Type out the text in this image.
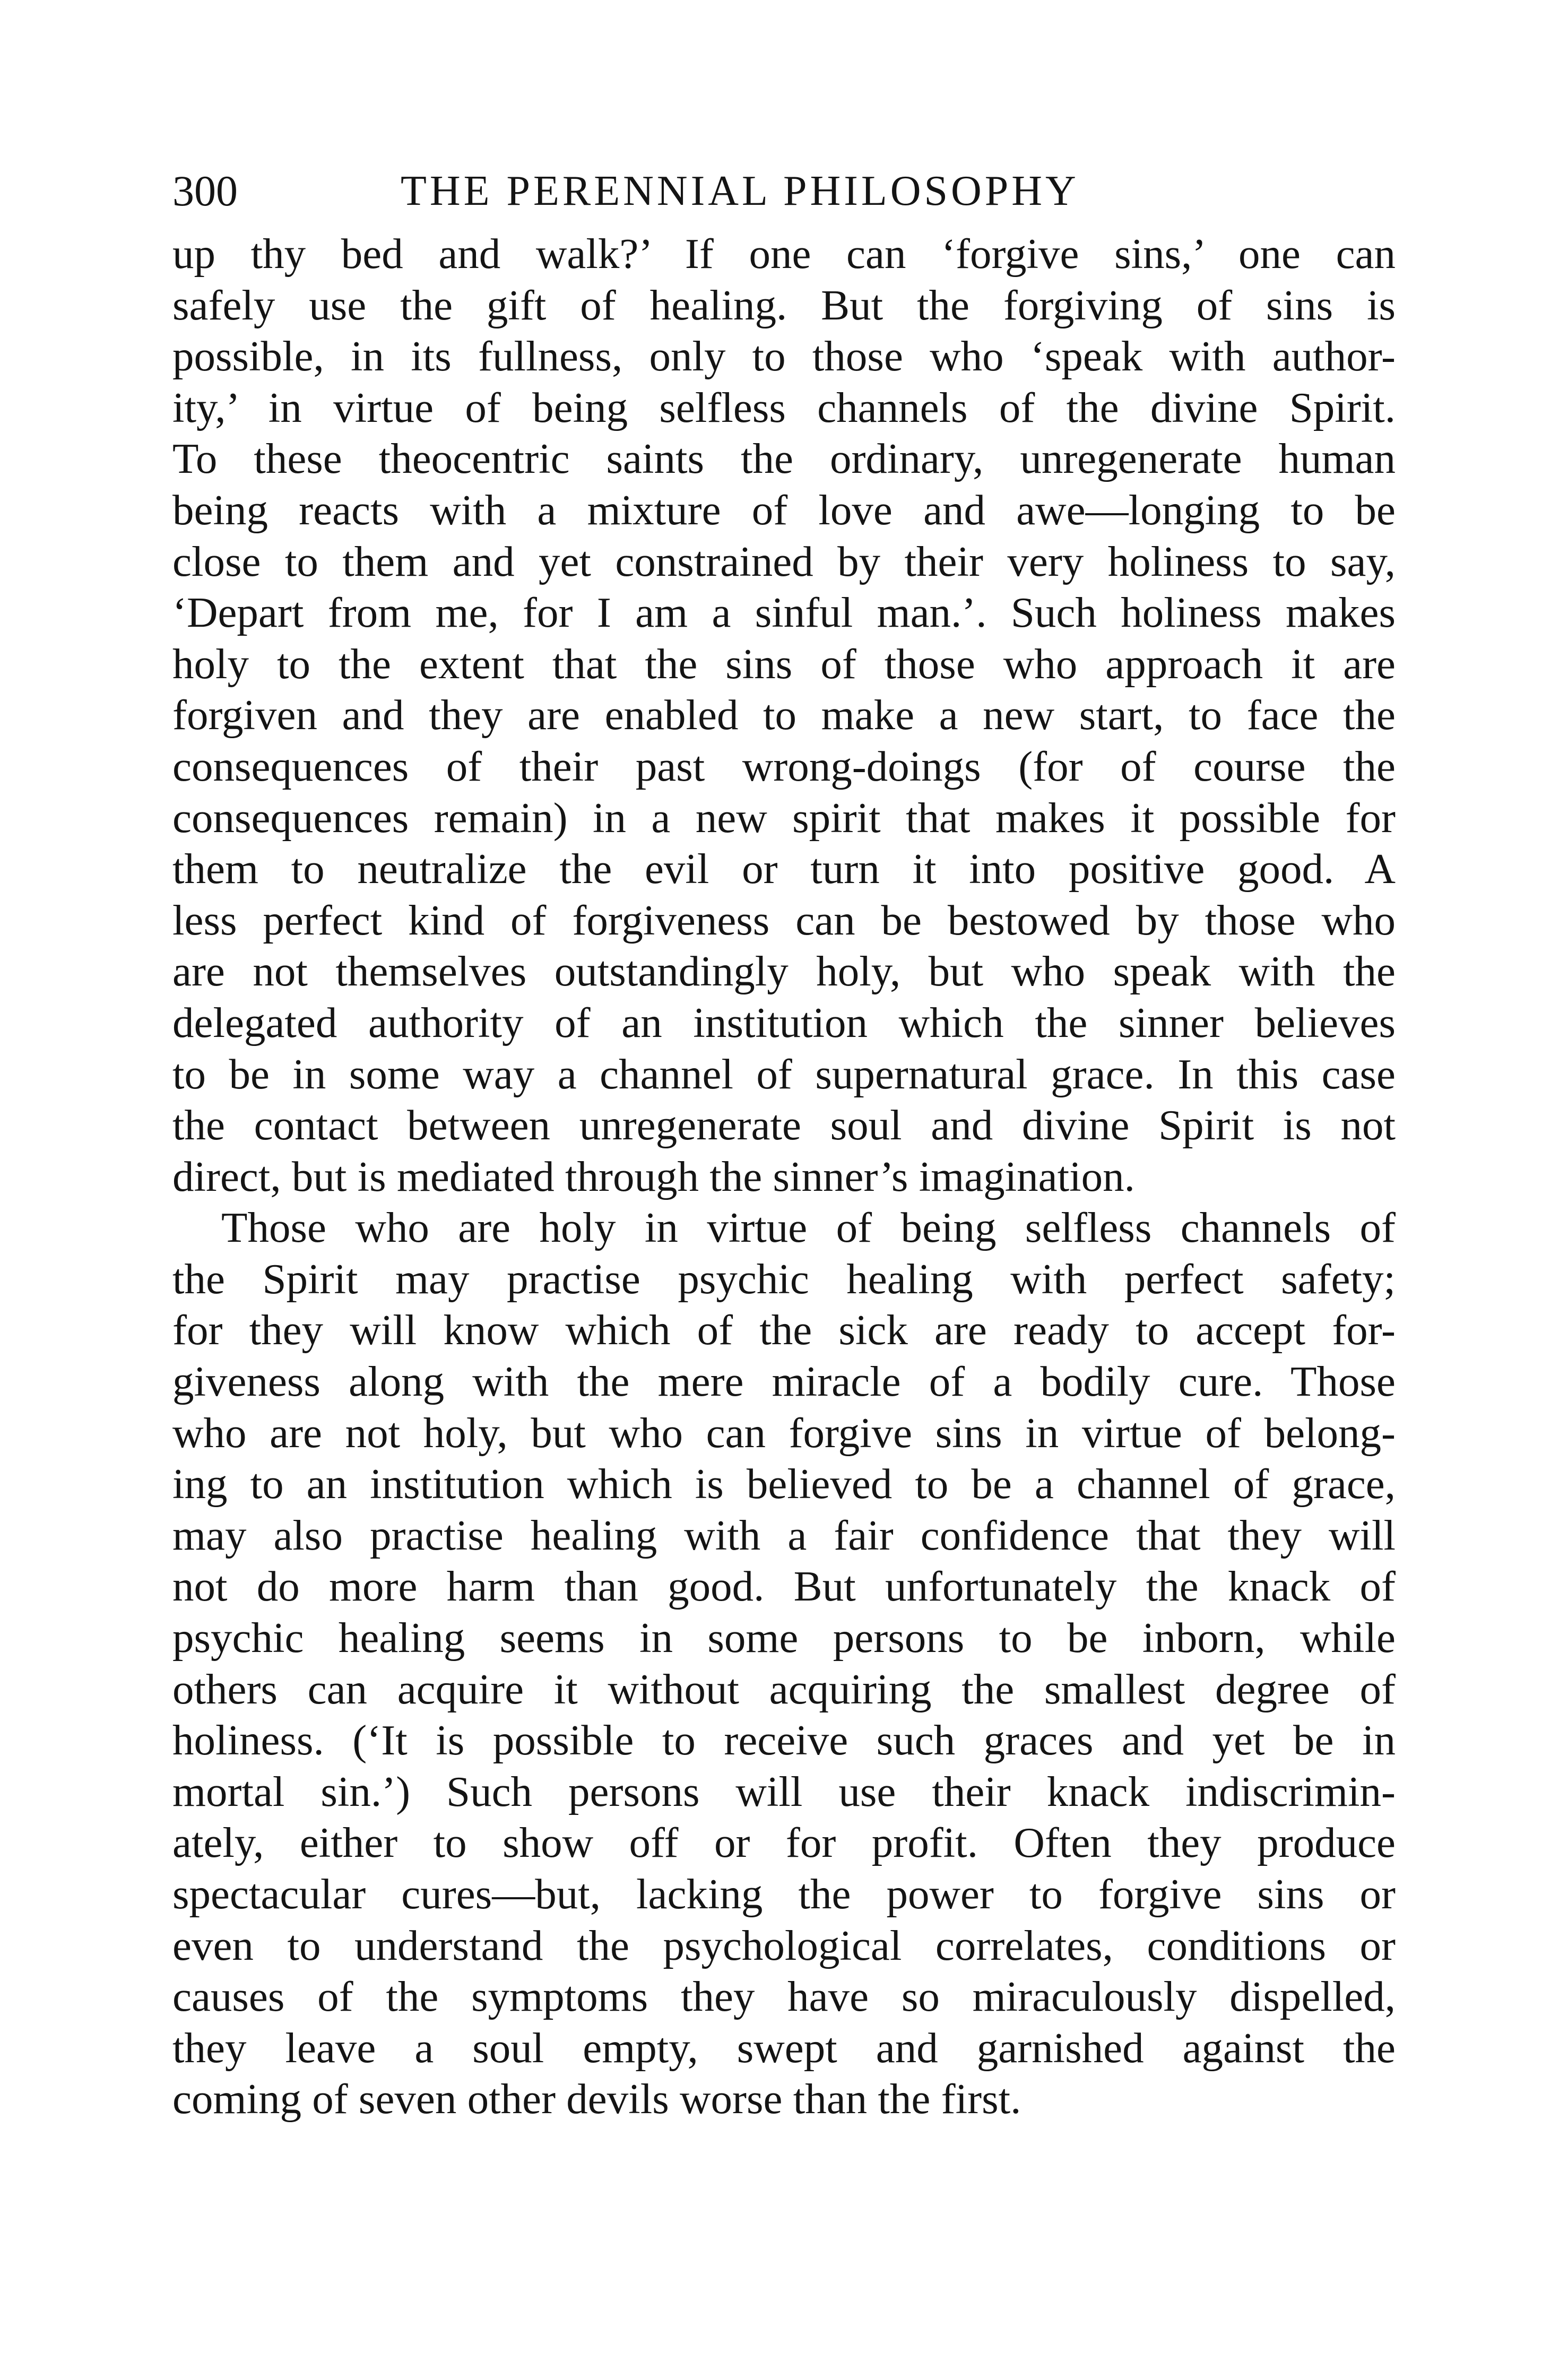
300	THE PERENNIAL PHILOSOPHY

up thy bed and walk?’ If one can ‘forgive sins,’ one can
safely use the gift of healing. But the forgiving of sins is
possible, in its fullness, only to those who ‘speak with author-
ity,’ in virtue of being selfless channels of the divine Spirit.
To these theocentric saints the ordinary, unregenerate human
being reacts with a mixture of love and awe—longing to be
close to them and yet constrained by their very holiness to say,
‘Depart from me, for I am a sinful man.’. Such holiness makes
holy to the extent that the sins of those who approach it are
forgiven and they are enabled to make a new start, to face the
consequences of their past wrong-doings (for of course the
consequences remain) in a new spirit that makes it possible for
them to neutralize the evil or turn it into positive good. A
less perfect kind of forgiveness can be bestowed by those who
are not themselves outstandingly holy, but who speak with the
delegated authority of an institution which the sinner believes
to be in some way a channel of supernatural grace. In this case
the contact between unregenerate soul and divine Spirit is not
direct, but is mediated through the sinner’s imagination.

Those who are holy in virtue of being selfless channels of
the Spirit may practise psychic healing with perfect safety;
for they will know which of the sick are ready to accept for-
giveness along with the mere miracle of a bodily cure. Those
who are not holy, but who can forgive sins in virtue of belong-
ing to an institution which is believed to be a channel of grace,
may also practise healing with a fair confidence that they will
not do more harm than good. But unfortunately the knack of
psychic healing seems in some persons to be inborn, while
others can acquire it without acquiring the smallest degree of
holiness. (‘It is possible to receive such graces and yet be in
mortal sin.’) Such persons will use their knack indiscrimin-
ately, either to show off or for profit. Often they produce
spectacular cures—but, lacking the power to forgive sins or
even to understand the psychological correlates, conditions or
causes of the symptoms they have so miraculously dispelled,
they leave a soul empty, swept and garnished against the
coming of seven other devils worse than the first.
